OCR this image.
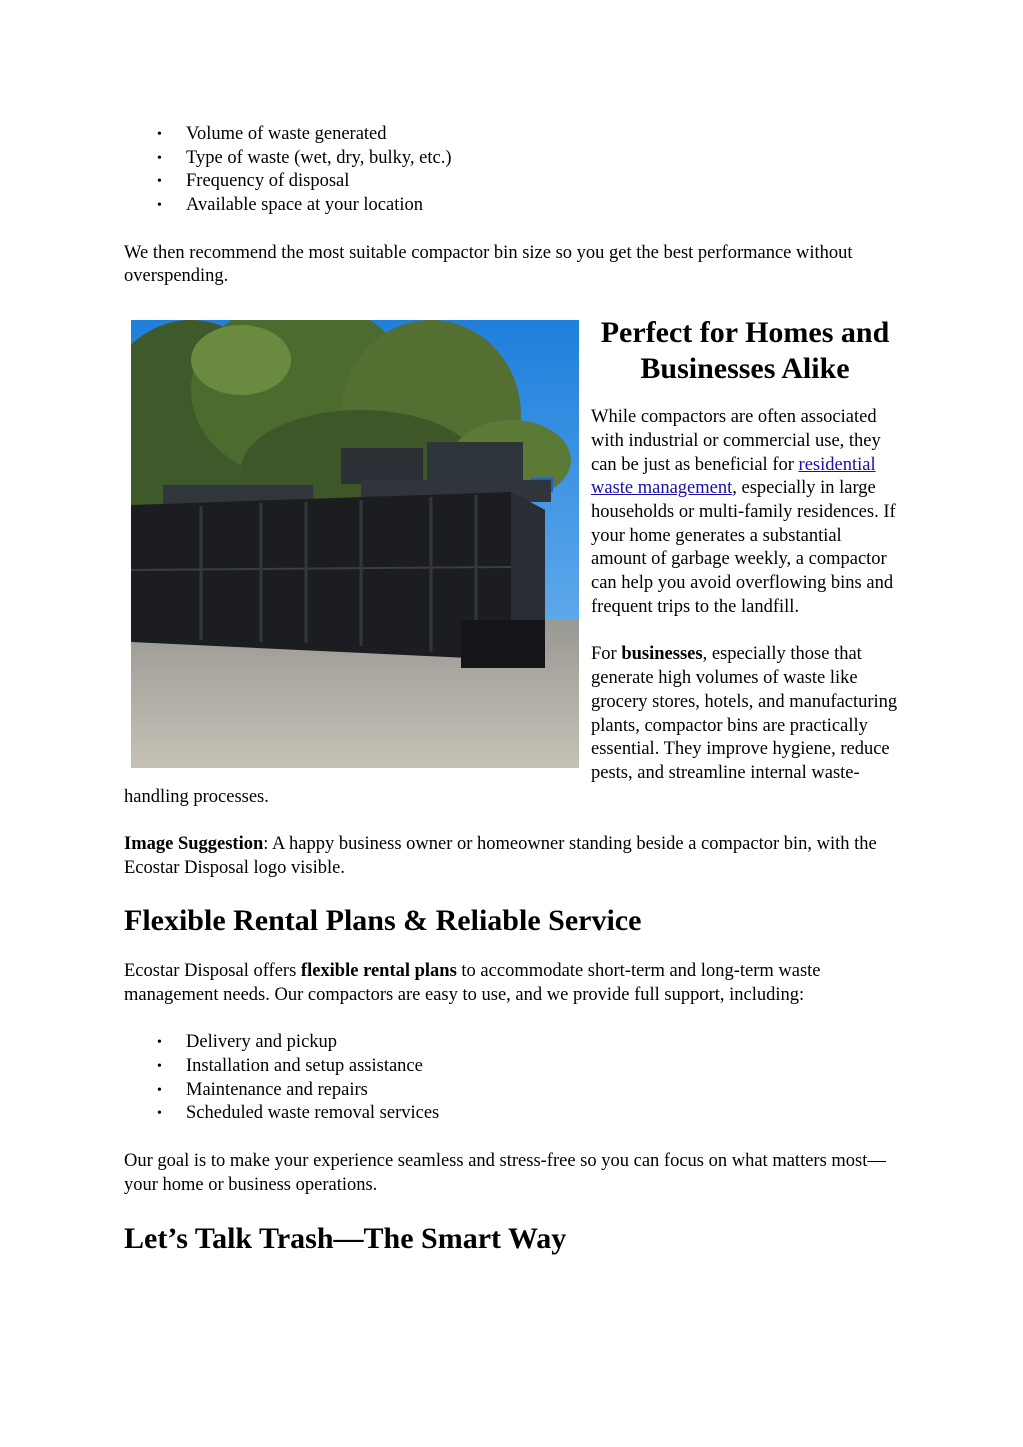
• Volume of waste generated
• Type of waste (wet, dry, bulky, etc.)
• Frequency of disposal
• Available space at your location

We then recommend the most suitable compactor bin size so you get the best performance without overspending.

Perfect for Homes and Businesses Alike

While compactors are often associated with industrial or commercial use, they can be just as beneficial for residential waste management, especially in large households or multi-family residences. If your home generates a substantial amount of garbage weekly, a compactor can help you avoid overflowing bins and frequent trips to the landfill.

For businesses, especially those that generate high volumes of waste like grocery stores, hotels, and manufacturing plants, compactor bins are practically essential. They improve hygiene, reduce pests, and streamline internal waste-handling processes.

Image Suggestion: A happy business owner or homeowner standing beside a compactor bin, with the Ecostar Disposal logo visible.

Flexible Rental Plans & Reliable Service

Ecostar Disposal offers flexible rental plans to accommodate short-term and long-term waste management needs. Our compactors are easy to use, and we provide full support, including:

• Delivery and pickup
• Installation and setup assistance
• Maintenance and repairs
• Scheduled waste removal services

Our goal is to make your experience seamless and stress-free so you can focus on what matters most—your home or business operations.

Let’s Talk Trash—The Smart Way
